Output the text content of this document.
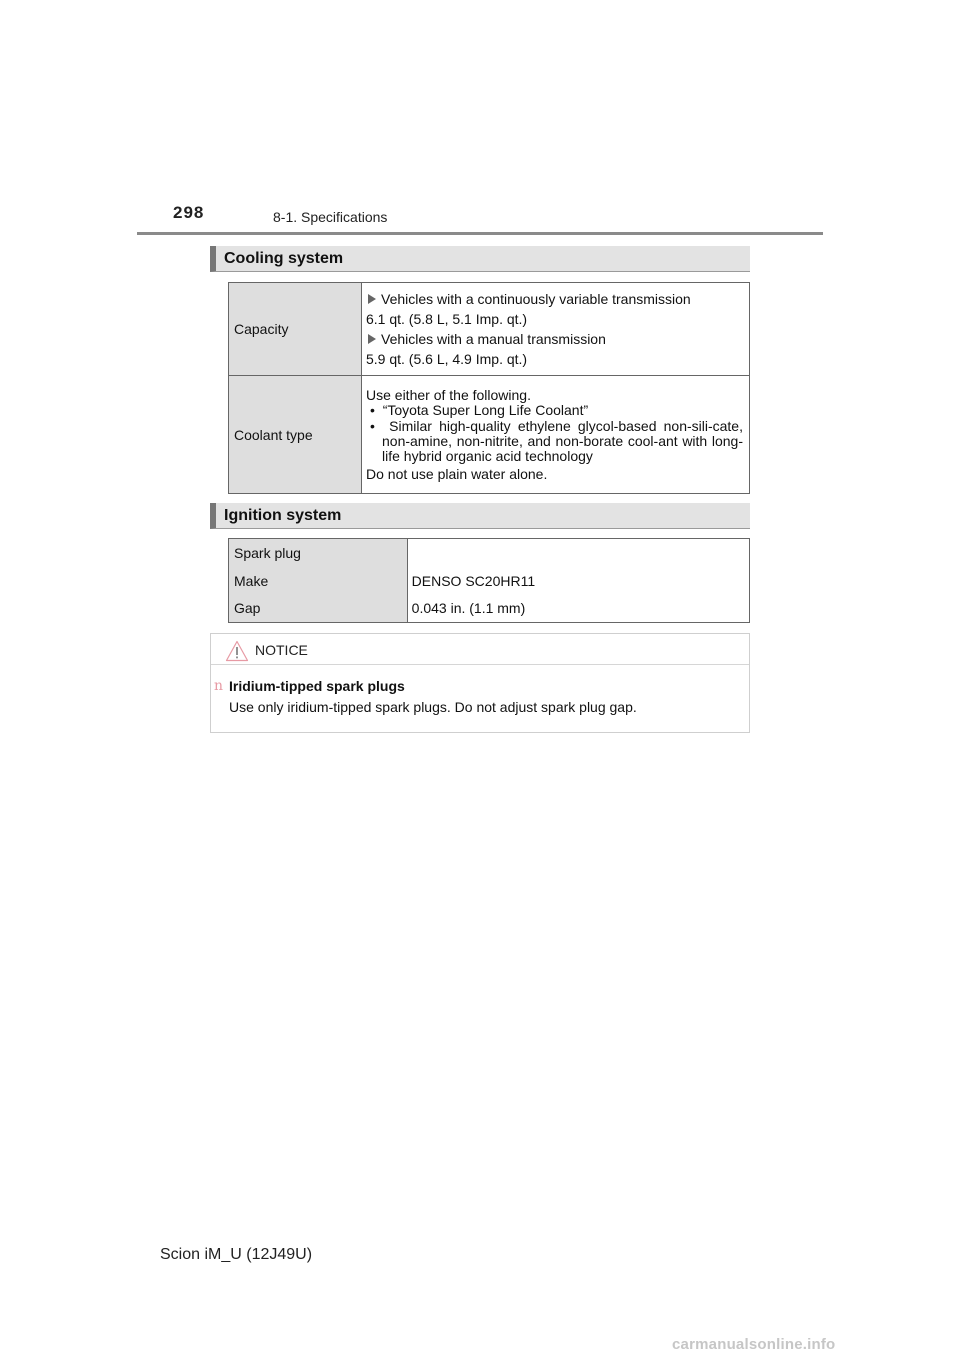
298	8-1. Specifications
Cooling system
Capacity	Vehicles with a continuously variable transmission
6.1 qt. (5.8 L, 5.1 Imp. qt.)
Vehicles with a manual transmission
5.9 qt. (5.6 L, 4.9 Imp. qt.)

Coolant type	Use either of the following.
•  “Toyota Super Long Life Coolant”
•  Similar high-quality ethylene glycol-based non-sili-cate, non-amine, non-nitrite, and non-borate cool-ant with long-life hybrid organic acid technology
Do not use plain water alone.
Ignition system
Spark plug	
Make	DENSO SC20HR11
Gap	0.043 in. (1.1 mm)
NOTICE
n Iridium-tipped spark plugs
Use only iridium-tipped spark plugs. Do not adjust spark plug gap.
Scion iM_U (12J49U)
carmanualsonline.info
